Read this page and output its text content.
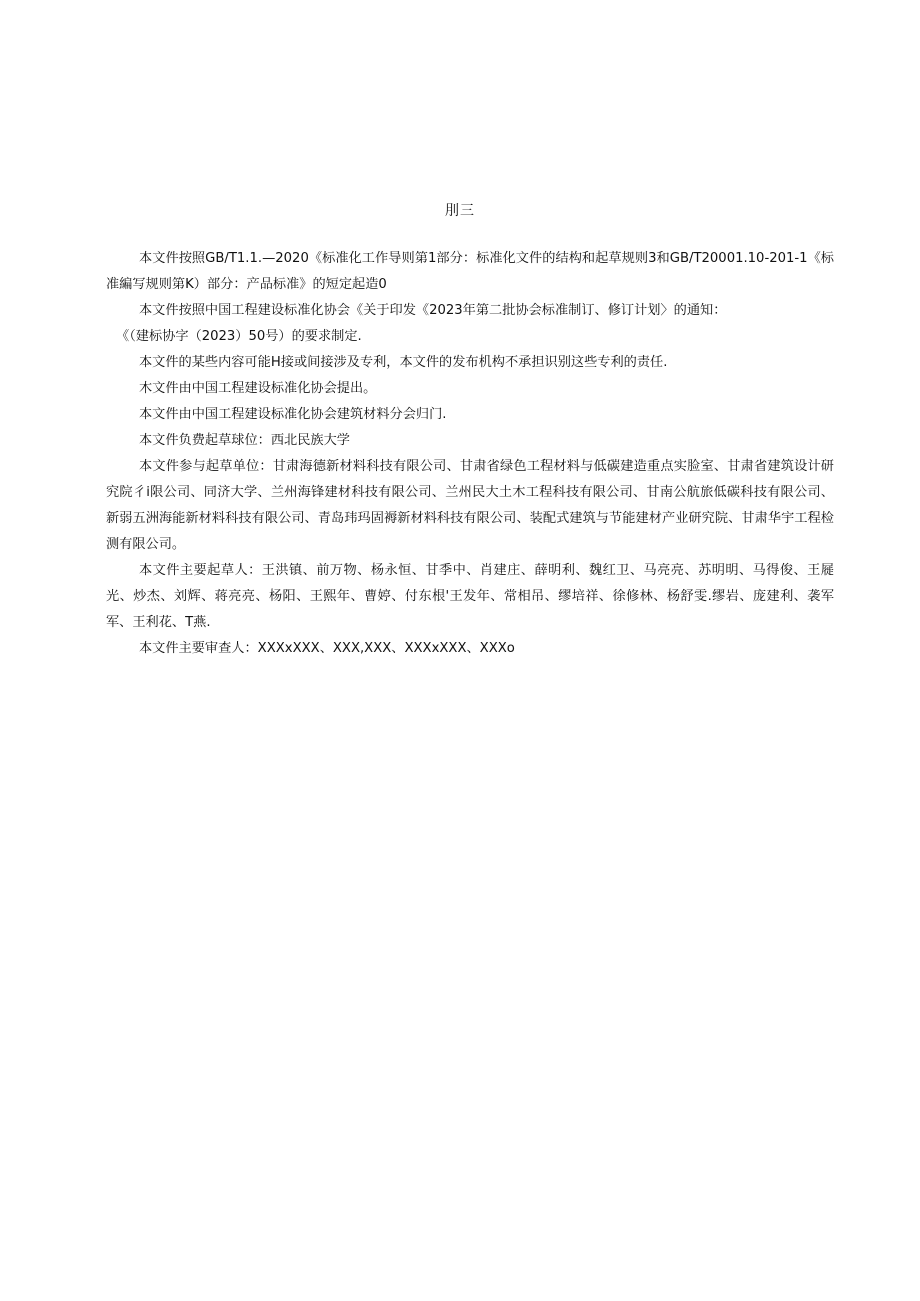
刖三

本文件按照GB/T1.1.—2020《标准化工作导则第1部分：标准化文件的结构和起草规则3和GB/T20001.10-201-1《标准編写规则第K）部分：产品标准》的短定起造0

本文件按照中国工程建设标准化协会《关于印发《2023年第二批协会标准制订、修订计划〉的通知：

《（建标协字（2023）50号）的要求制定.

本文件的某些内容可能H接或间接涉及专利，本文件的发布机构不承担识别这些专利的责任.

木文件由中国工程建设标准化协会提出。

本文件由中国工程建设标准化协会建筑材料分会归门.

本文件负费起草球位：西北民族大学

本文件参与起草单位：甘肃海德新材料科技有限公司、甘肃省绿色工程材料与低碳建造重点实脸室、甘肃省建筑设计研究院彳i限公司、同济大学、兰州海锋建材科技有限公司、兰州民大土木工程科技有限公司、甘南公航旅低碳科技有限公司、新弱五洲海能新材料科技有限公司、青岛玮玛固褥新材料科技有限公司、装配式建筑与节能建材产业研究院、甘肃华宇工程检测有限公司。

本文件主要起草人：王洪镇、前万物、杨永恒、甘季中、肖建庄、薛明利、魏红卫、马亮亮、苏明明、马得俊、王屣光、炒杰、刘辉、蒋亮亮、杨阳、王熙年、曹婷、付东根'王发年、常相吊、缪培祥、徐修林、杨舒雯.缪岩、庞建利、袭军军、王利花、T燕.

本文件主要审查人：XXXxXXX、XXX,XXX、XXXxXXX、XXXo
